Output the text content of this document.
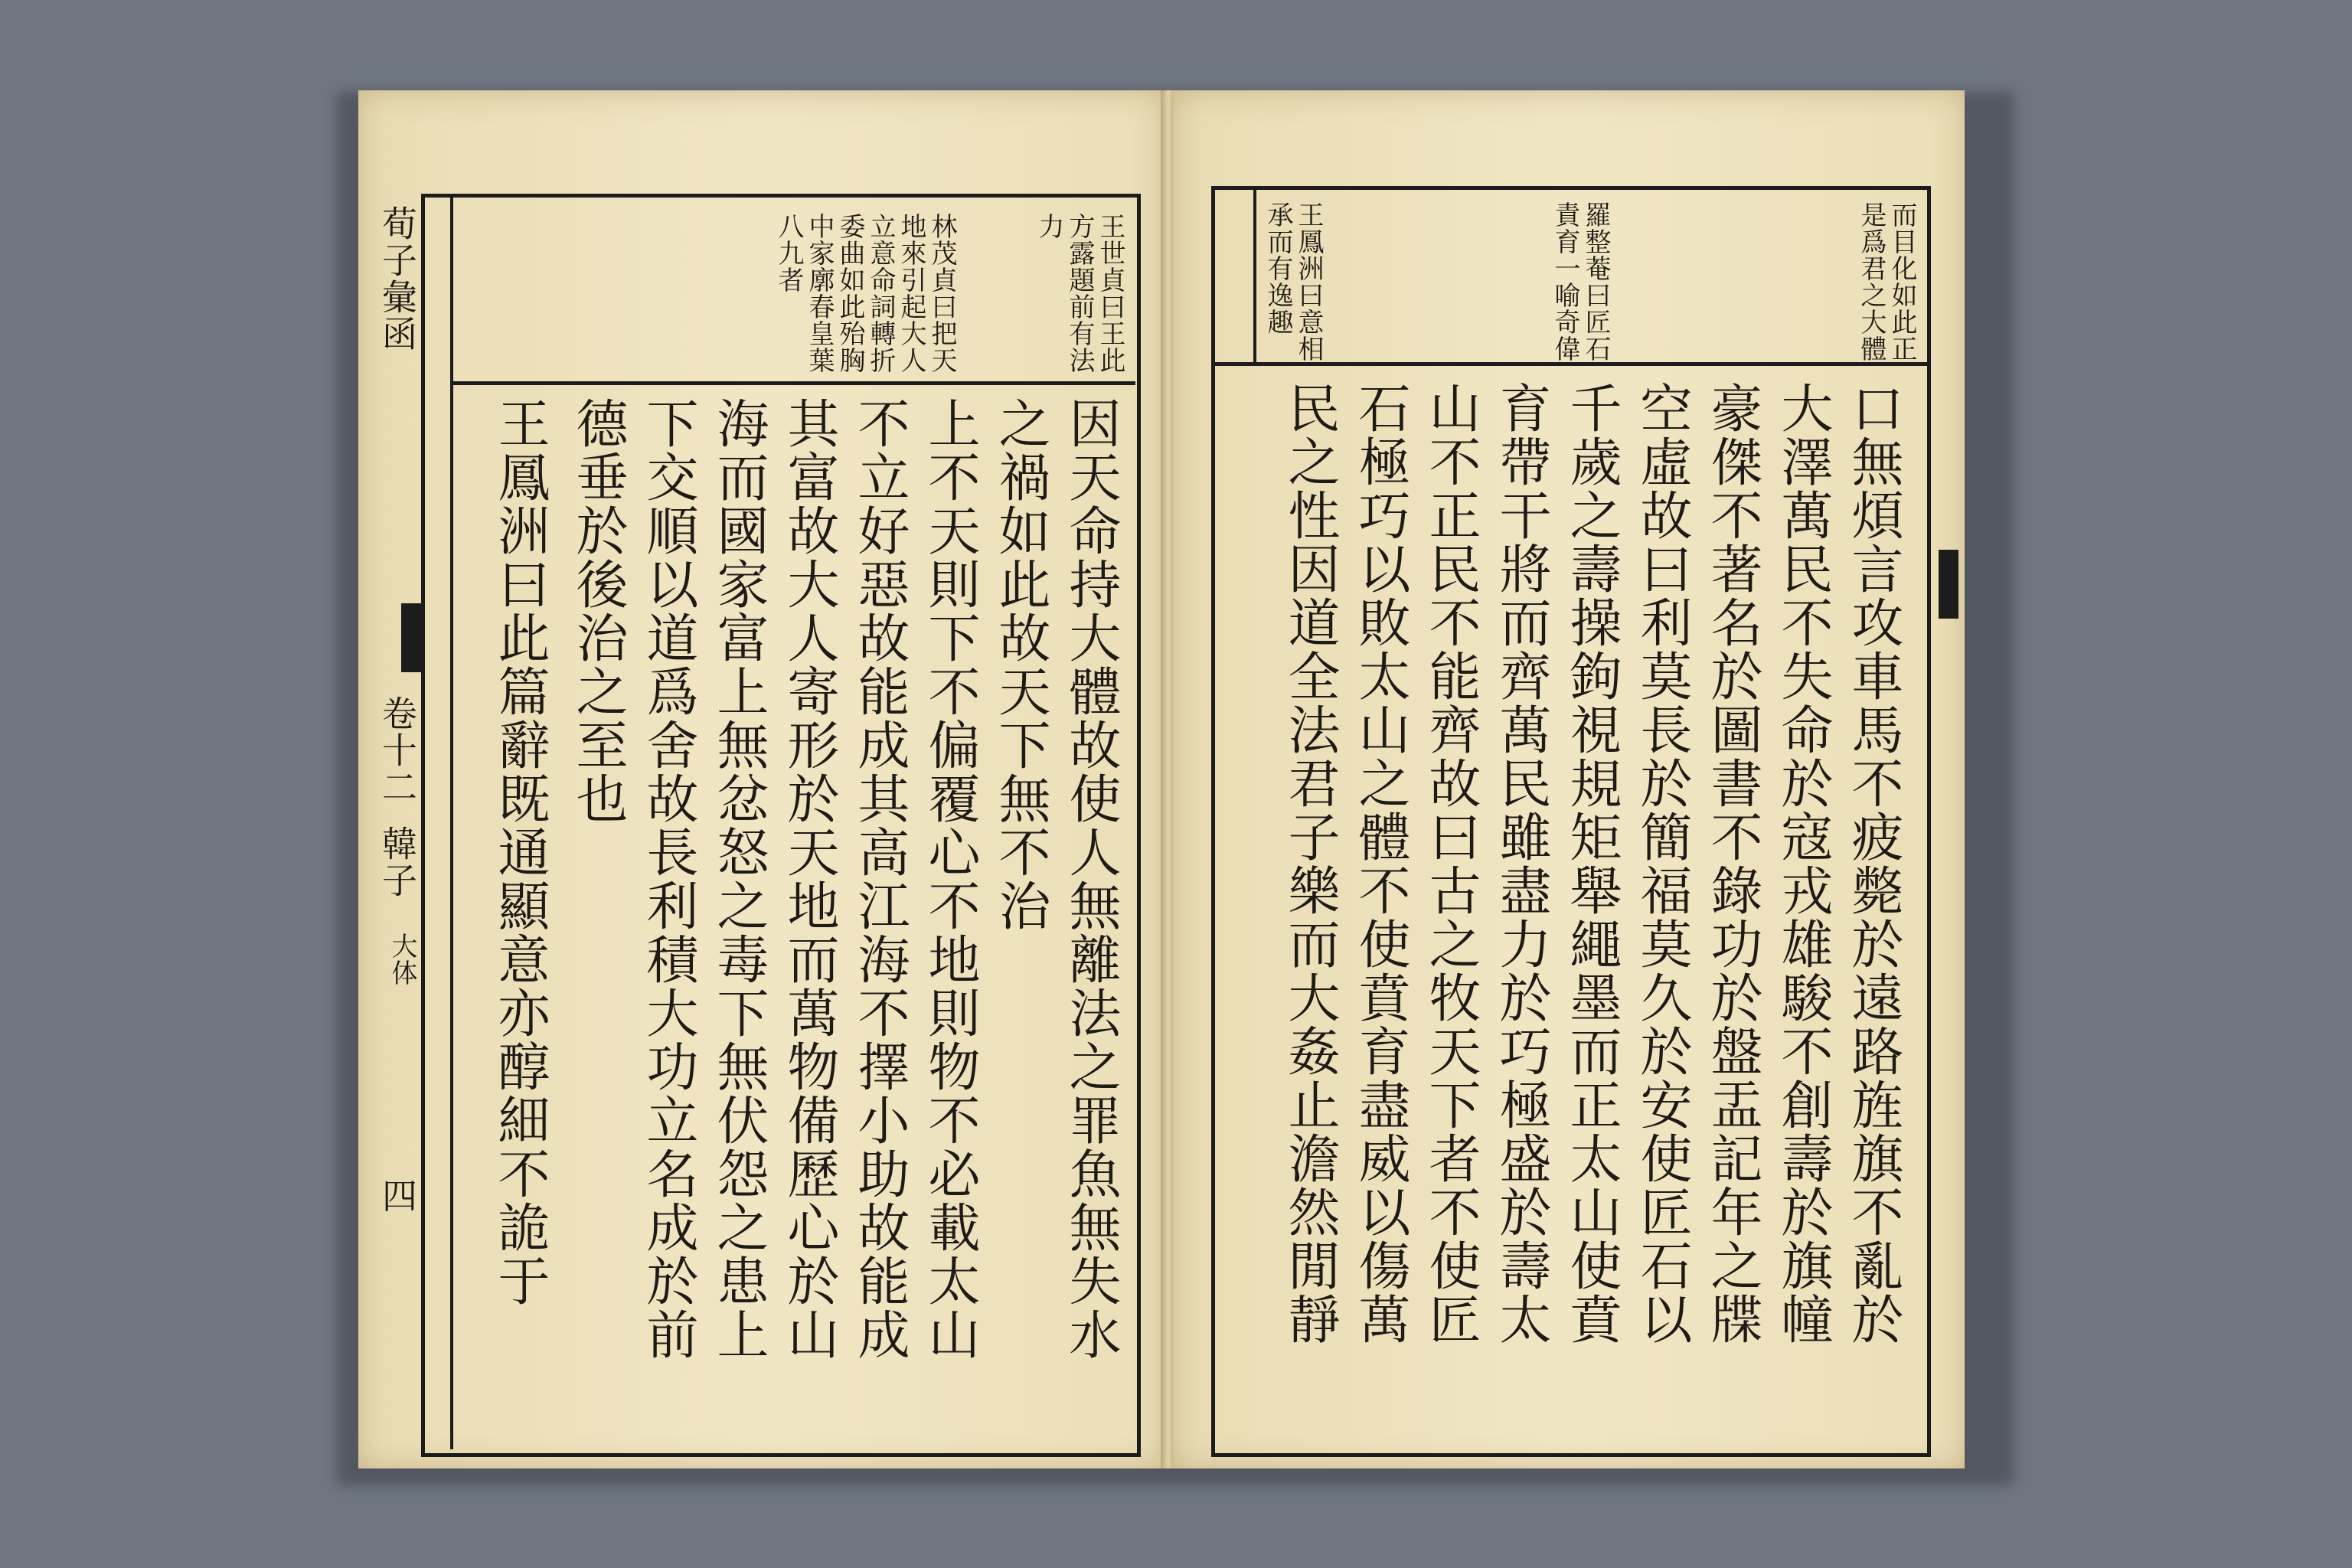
荀子彙函
卷十二
韓子
大体
四
王世貞曰王此
方露題前有法
力
林茂貞曰把天
地來引起大人
立意命詞轉折
委曲如此殆胸
中家廓春皇葉
八九者
因天命持大體故使人無離法之罪魚無失水
之禍如此故天下無不治
上不天則下不偏覆心不地則物不必載太山
不立好惡故能成其高江海不擇小助故能成
其富故大人寄形於天地而萬物備歷心於山
海而國家富上無忿怒之毒下無伏怨之患上
下交順以道爲舍故長利積大功立名成於前
德垂於後治之至也
王鳳洲曰此篇辭既通顯意亦醇細不詭于
而目化如此正
是爲君之大體
羅整菴曰匠石
責育一喻奇偉
王鳳洲曰意相
承而有逸趣
口無煩言攻車馬不疲斃於遠路旌旗不亂於
大澤萬民不失命於寇戎雄駿不創壽於旗幢
豪傑不著名於圖書不錄功於盤盂記年之牒
空虛故曰利莫長於簡福莫久於安使匠石以
千歲之壽操鉤視規矩舉繩墨而正太山使賁
育帶干將而齊萬民雖盡力於巧極盛於壽太
山不正民不能齊故曰古之牧天下者不使匠
石極巧以敗太山之體不使賁育盡威以傷萬
民之性因道全法君子樂而大姦止澹然閒靜
